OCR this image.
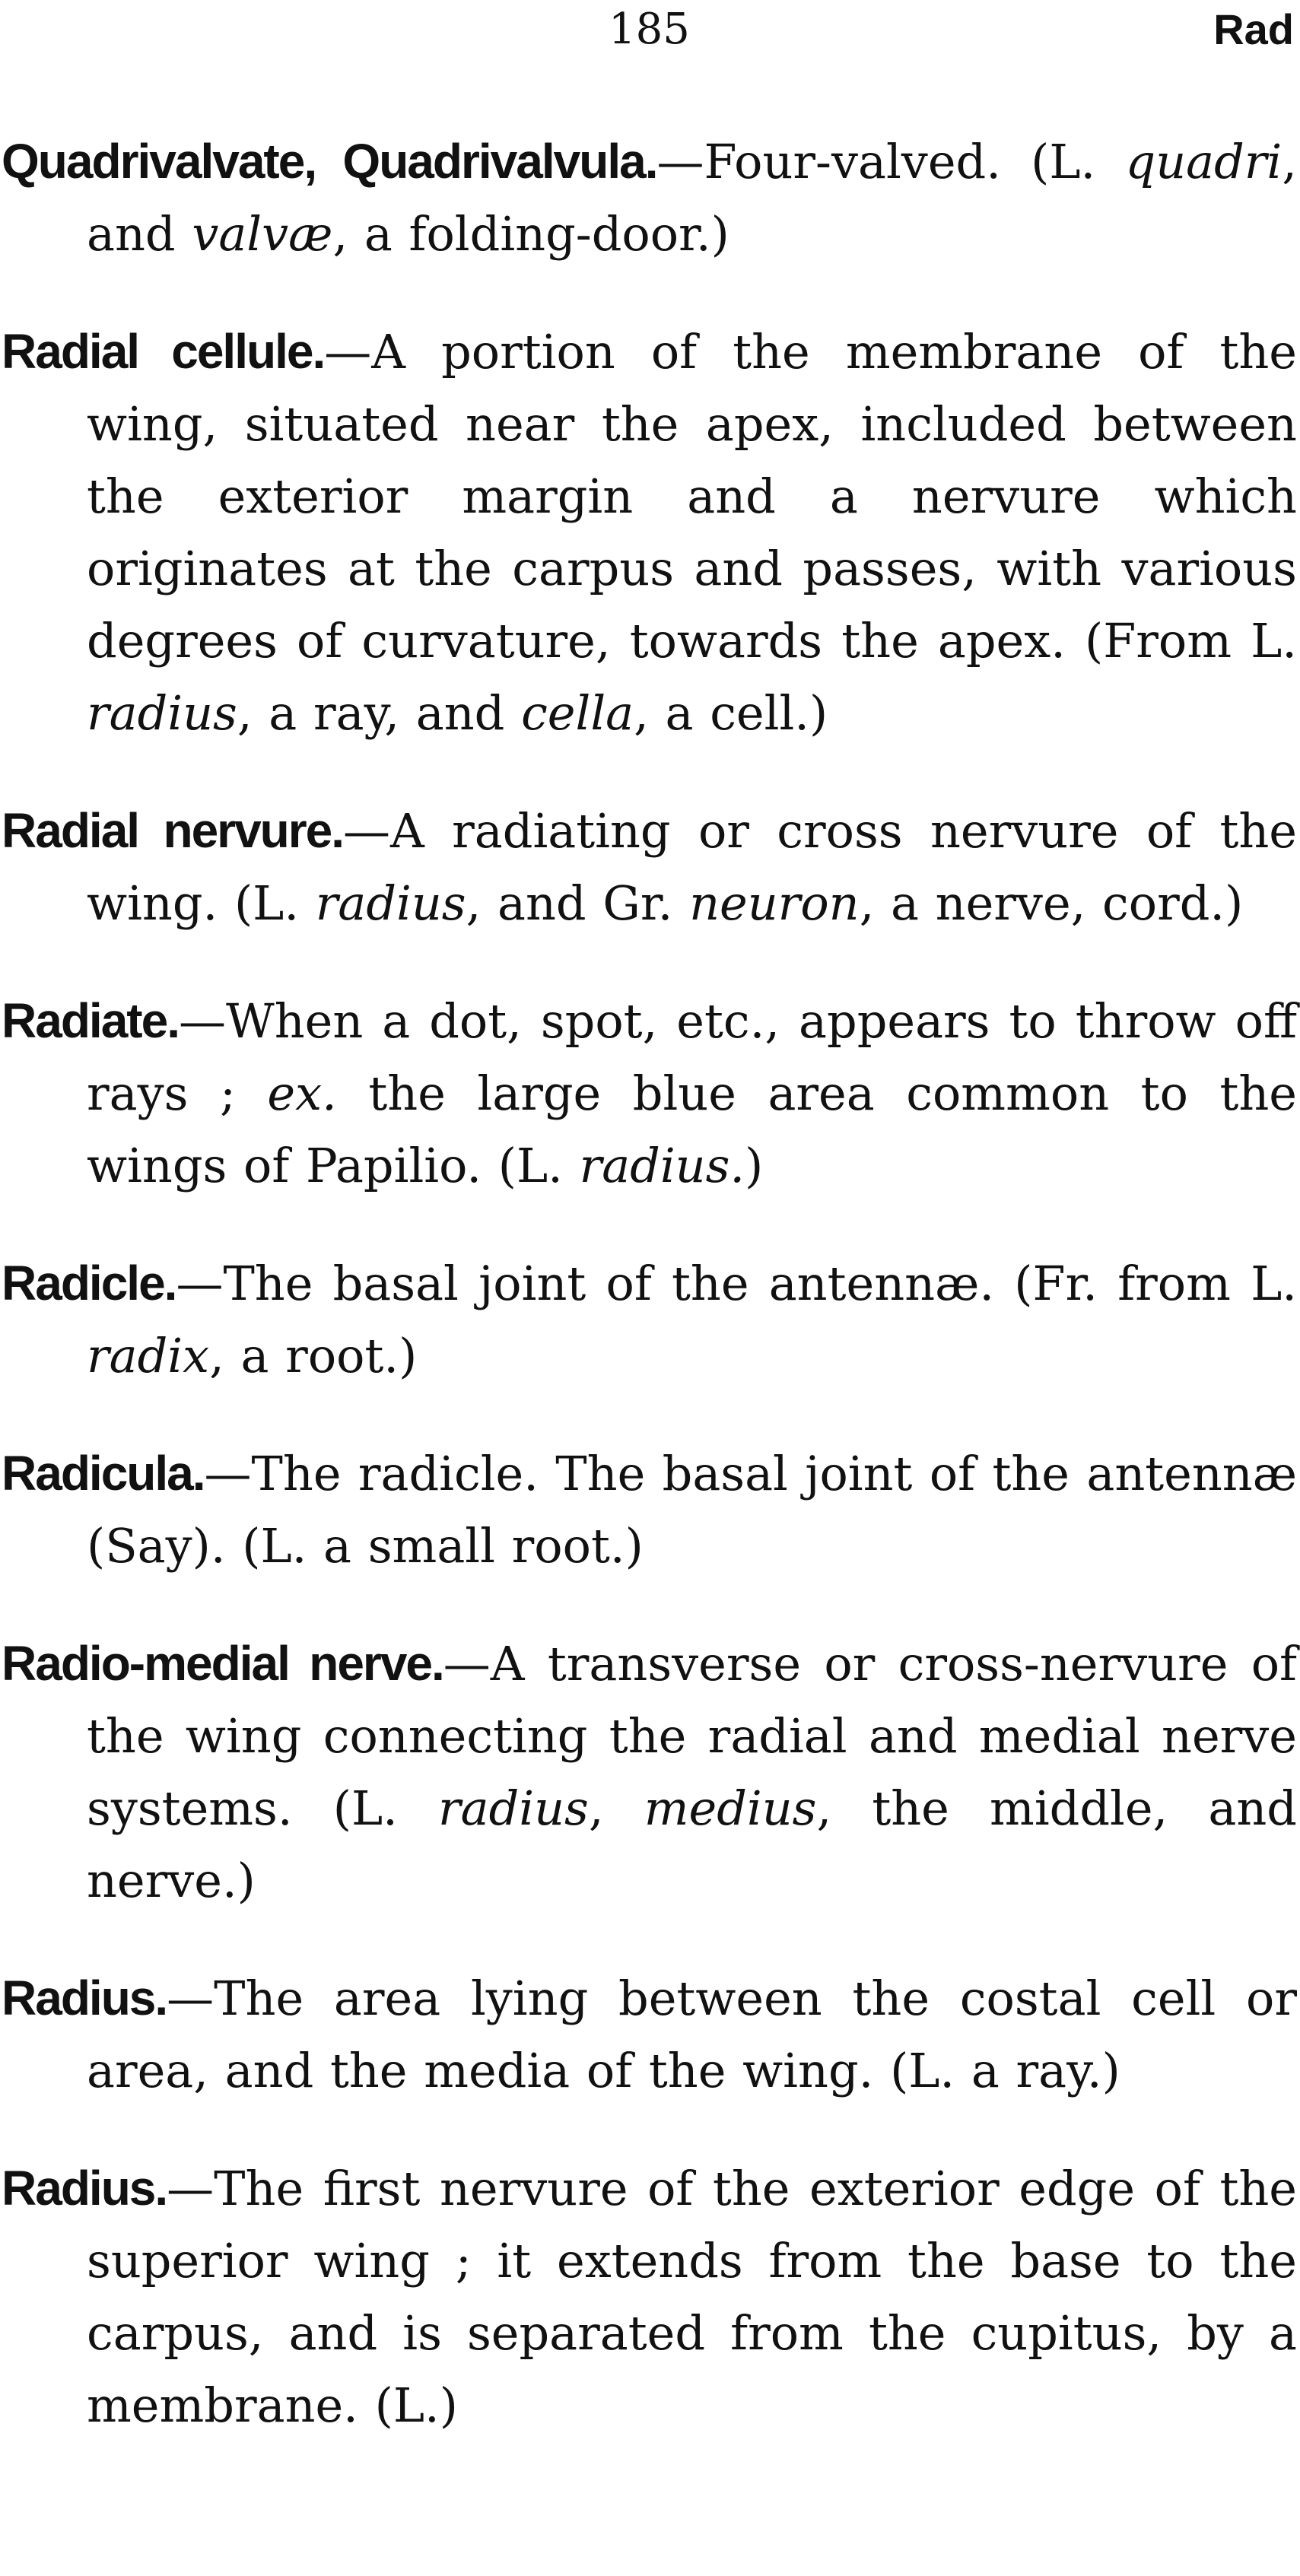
185	Rad

Quadrivalvate, Quadrivalvula.—Four-valved. (L. quadri, and valvæ, a folding-door.)

Radial cellule.—A portion of the membrane of the wing, situated near the apex, included between the exterior margin and a nervure which originates at the carpus and passes, with various degrees of curvature, towards the apex. (From L. radius, a ray, and cella, a cell.)

Radial nervure.—A radiating or cross nervure of the wing. (L. radius, and Gr. neuron, a nerve, cord.)

Radiate.—When a dot, spot, etc., appears to throw off rays ; ex. the large blue area common to the wings of Papilio. (L. radius.)

Radicle.—The basal joint of the antennæ. (Fr. from L. radix, a root.)

Radicula.—The radicle. The basal joint of the antennæ (Say). (L. a small root.)

Radio-medial nerve.—A transverse or cross-nervure of the wing connecting the radial and medial nerve systems. (L. radius, medius, the middle, and nerve.)

Radius.—The area lying between the costal cell or area, and the media of the wing. (L. a ray.)

Radius.—The first nervure of the exterior edge of the superior wing ; it extends from the base to the carpus, and is separated from the cupitus, by a membrane. (L.)
